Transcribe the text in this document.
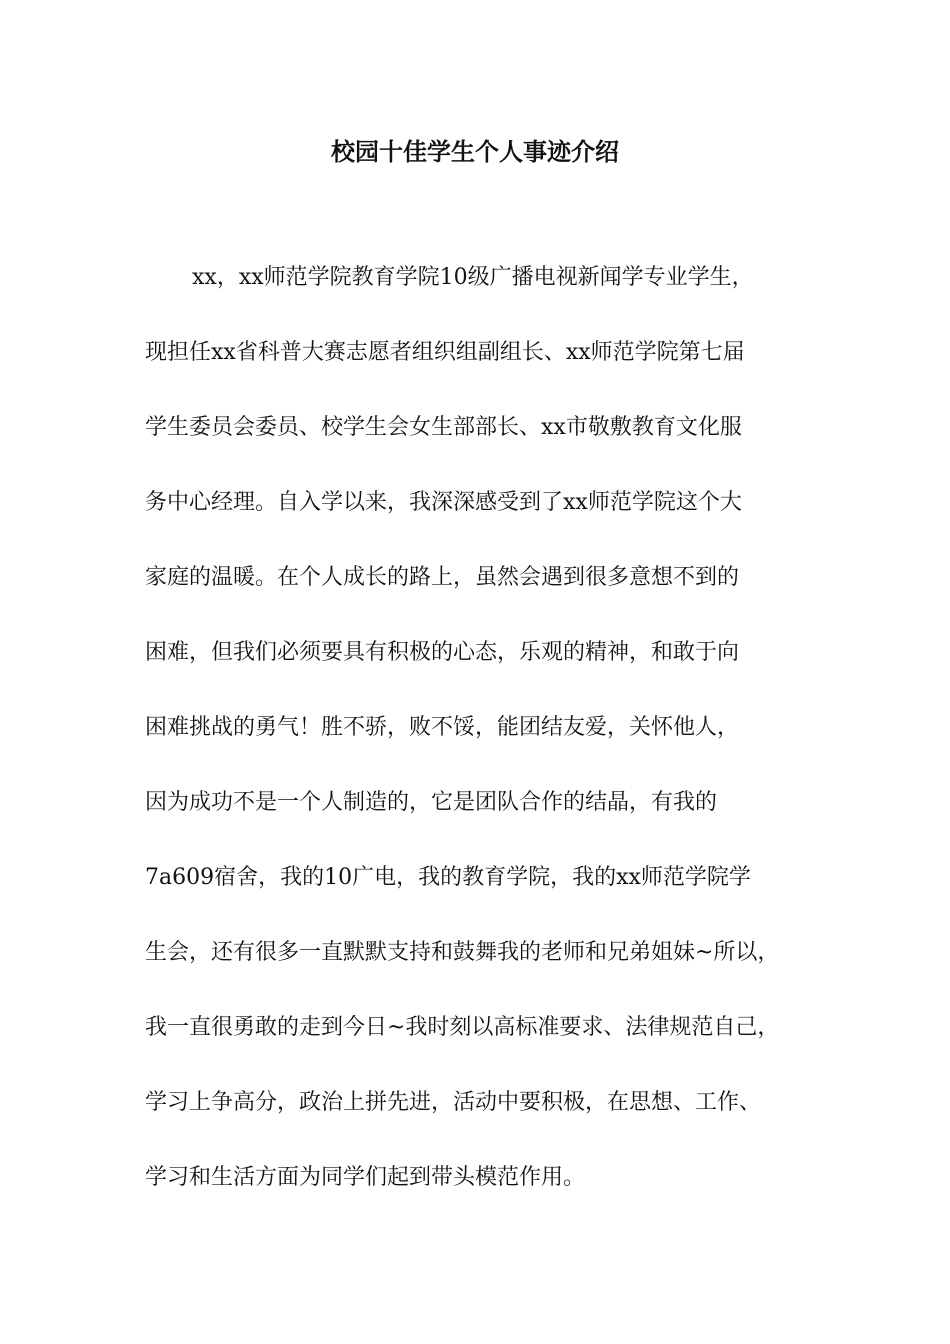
校园十佳学生个人事迹介绍
xx，xx师范学院教育学院10级广播电视新闻学专业学生，
现担任xx省科普大赛志愿者组织组副组长、xx师范学院第七届
学生委员会委员、校学生会女生部部长、xx市敬敷教育文化服
务中心经理。自入学以来，我深深感受到了xx师范学院这个大
家庭的温暖。在个人成长的路上，虽然会遇到很多意想不到的
困难，但我们必须要具有积极的心态，乐观的精神，和敢于向
困难挑战的勇气！胜不骄，败不馁，能团结友爱，关怀他人，
因为成功不是一个人制造的，它是团队合作的结晶，有我的
7a609宿舍，我的10广电，我的教育学院，我的xx师范学院学
生会，还有很多一直默默支持和鼓舞我的老师和兄弟姐妹~所以，
我一直很勇敢的走到今日~我时刻以高标准要求、法律规范自己，
学习上争高分，政治上拼先进，活动中要积极，在思想、工作、
学习和生活方面为同学们起到带头模范作用。
